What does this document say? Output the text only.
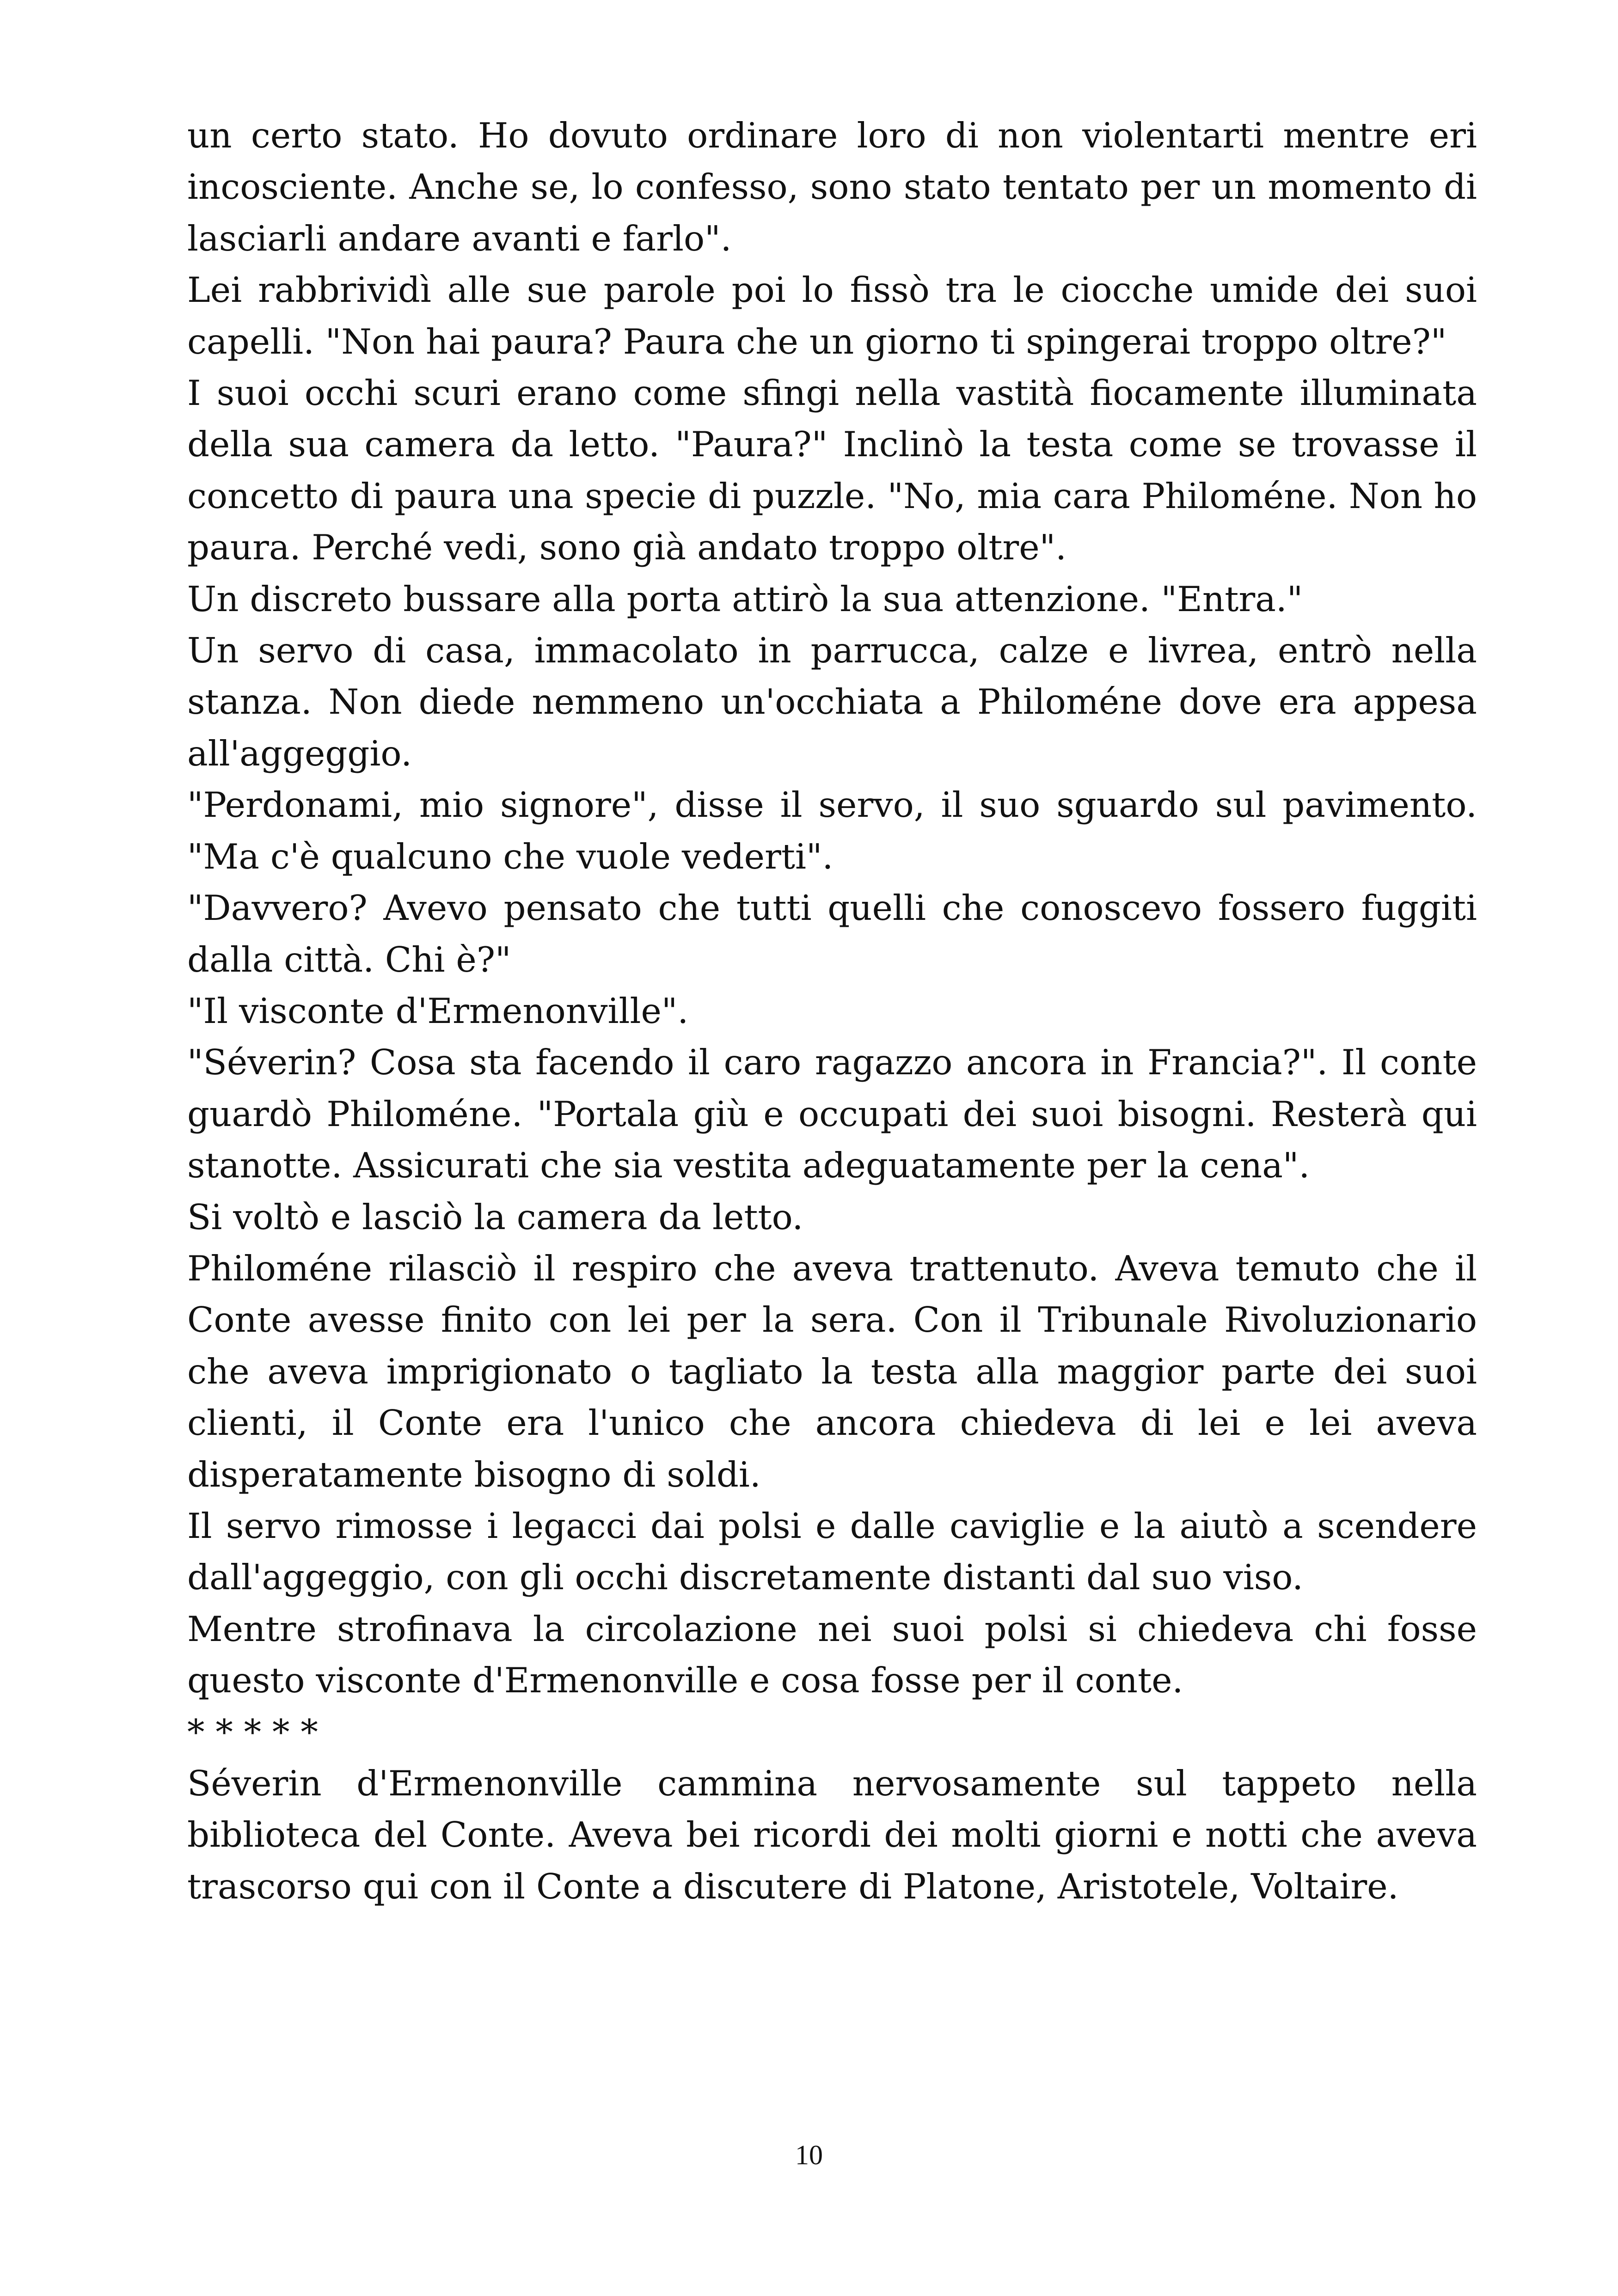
un certo stato. Ho dovuto ordinare loro di non violentarti mentre eri incosciente. Anche se, lo confesso, sono stato tentato per un momento di lasciarli andare avanti e farlo".

Lei rabbrividì alle sue parole poi lo fissò tra le ciocche umide dei suoi capelli. "Non hai paura? Paura che un giorno ti spingerai troppo oltre?"

I suoi occhi scuri erano come sfingi nella vastità fiocamente illuminata della sua camera da letto. "Paura?" Inclinò la testa come se trovasse il concetto di paura una specie di puzzle. "No, mia cara Philoméne. Non ho paura. Perché vedi, sono già andato troppo oltre".

Un discreto bussare alla porta attirò la sua attenzione. "Entra."

Un servo di casa, immacolato in parrucca, calze e livrea, entrò nella stanza. Non diede nemmeno un'occhiata a Philoméne dove era appesa all'aggeggio.

"Perdonami, mio signore", disse il servo, il suo sguardo sul pavimento. "Ma c'è qualcuno che vuole vederti".

"Davvero? Avevo pensato che tutti quelli che conoscevo fossero fuggiti dalla città. Chi è?"

"Il visconte d'Ermenonville".

"Séverin? Cosa sta facendo il caro ragazzo ancora in Francia?". Il conte guardò Philoméne. "Portala giù e occupati dei suoi bisogni. Resterà qui stanotte. Assicurati che sia vestita adeguatamente per la cena".

Si voltò e lasciò la camera da letto.

Philoméne rilasciò il respiro che aveva trattenuto. Aveva temuto che il Conte avesse finito con lei per la sera. Con il Tribunale Rivoluzionario che aveva imprigionato o tagliato la testa alla maggior parte dei suoi clienti, il Conte era l'unico che ancora chiedeva di lei e lei aveva disperatamente bisogno di soldi.

Il servo rimosse i legacci dai polsi e dalle caviglie e la aiutò a scendere dall'aggeggio, con gli occhi discretamente distanti dal suo viso.

Mentre strofinava la circolazione nei suoi polsi si chiedeva chi fosse questo visconte d'Ermenonville e cosa fosse per il conte.

* * * * *

Séverin d'Ermenonville cammina nervosamente sul tappeto nella biblioteca del Conte. Aveva bei ricordi dei molti giorni e notti che aveva trascorso qui con il Conte a discutere di Platone, Aristotele, Voltaire.

10
